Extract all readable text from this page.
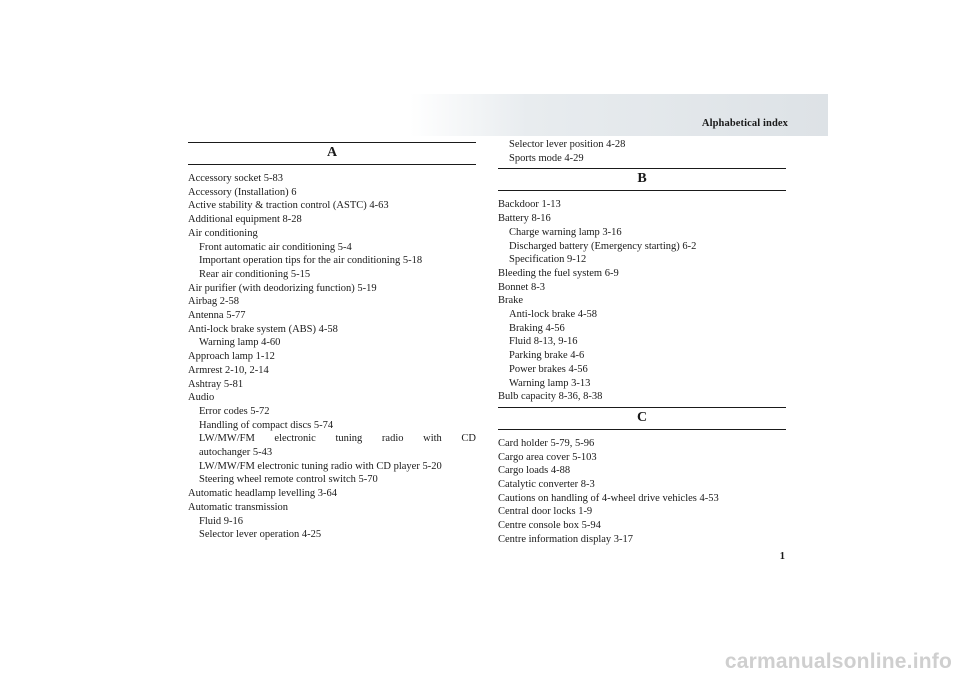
Alphabetical index
A

Accessory socket 5-83

Accessory (Installation) 6

Active stability & traction control (ASTC) 4-63

Additional equipment 8-28

Air conditioning

Front automatic air conditioning 5-4

Important operation tips for the air conditioning 5-18

Rear air conditioning 5-15

Air purifier (with deodorizing function) 5-19

Airbag 2-58

Antenna 5-77

Anti-lock brake system (ABS) 4-58

Warning lamp 4-60

Approach lamp 1-12

Armrest 2-10, 2-14

Ashtray 5-81

Audio

Error codes 5-72

Handling of compact discs 5-74

LW/MW/FM electronic tuning radio with CD

autochanger 5-43

LW/MW/FM electronic tuning radio with CD player 5-20

Steering wheel remote control switch 5-70

Automatic headlamp levelling 3-64

Automatic transmission

Fluid 9-16

Selector lever operation 4-25

Selector lever position 4-28

Sports mode 4-29

B

Backdoor 1-13

Battery 8-16

Charge warning lamp 3-16

Discharged battery (Emergency starting) 6-2

Specification 9-12

Bleeding the fuel system 6-9

Bonnet 8-3

Brake

Anti-lock brake 4-58

Braking 4-56

Fluid 8-13, 9-16

Parking brake 4-6

Power brakes 4-56

Warning lamp 3-13

Bulb capacity 8-36, 8-38

C

Card holder 5-79, 5-96

Cargo area cover 5-103

Cargo loads 4-88

Catalytic converter 8-3

Cautions on handling of 4-wheel drive vehicles 4-53

Central door locks 1-9

Centre console box 5-94

Centre information display 3-17

1
carmanualsonline.info
